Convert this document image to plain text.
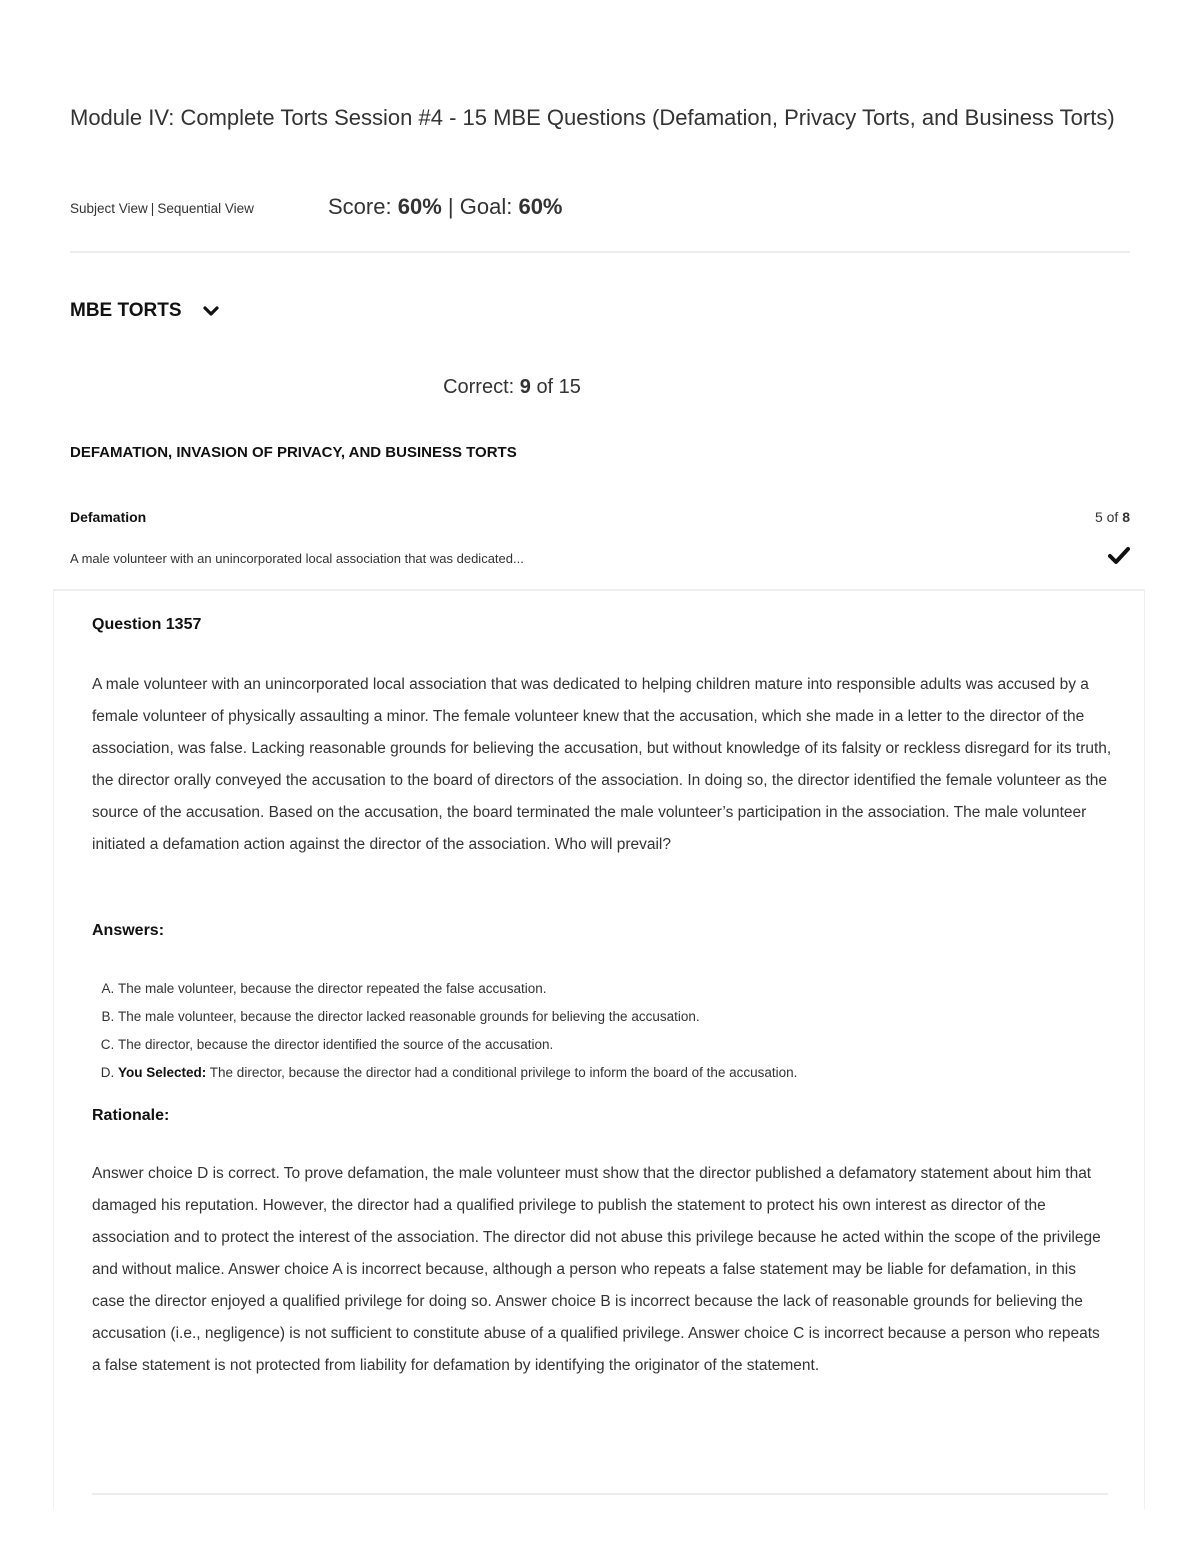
Module IV: Complete Torts Session #4 - 15 MBE Questions (Defamation, Privacy Torts, and Business Torts)
Subject View | Sequential View	Score: 60% | Goal: 60%
MBE TORTS
Correct: 9 of 15
DEFAMATION, INVASION OF PRIVACY, AND BUSINESS TORTS
Defamation	5 of 8
A male volunteer with an unincorporated local association that was dedicated...
Question 1357

A male volunteer with an unincorporated local association that was dedicated to helping children mature into responsible adults was accused by a female volunteer of physically assaulting a minor. The female volunteer knew that the accusation, which she made in a letter to the director of the association, was false. Lacking reasonable grounds for believing the accusation, but without knowledge of its falsity or reckless disregard for its truth, the director orally conveyed the accusation to the board of directors of the association. In doing so, the director identified the female volunteer as the source of the accusation. Based on the accusation, the board terminated the male volunteer’s participation in the association. The male volunteer initiated a defamation action against the director of the association. Who will prevail?

Answers:
A. The male volunteer, because the director repeated the false accusation.
B. The male volunteer, because the director lacked reasonable grounds for believing the accusation.
C. The director, because the director identified the source of the accusation.
D. You Selected: The director, because the director had a conditional privilege to inform the board of the accusation.
Rationale:

Answer choice D is correct. To prove defamation, the male volunteer must show that the director published a defamatory statement about him that damaged his reputation. However, the director had a qualified privilege to publish the statement to protect his own interest as director of the association and to protect the interest of the association. The director did not abuse this privilege because he acted within the scope of the privilege and without malice. Answer choice A is incorrect because, although a person who repeats a false statement may be liable for defamation, in this case the director enjoyed a qualified privilege for doing so. Answer choice B is incorrect because the lack of reasonable grounds for believing the accusation (i.e., negligence) is not sufficient to constitute abuse of a qualified privilege. Answer choice C is incorrect because a person who repeats a false statement is not protected from liability for defamation by identifying the originator of the statement.
